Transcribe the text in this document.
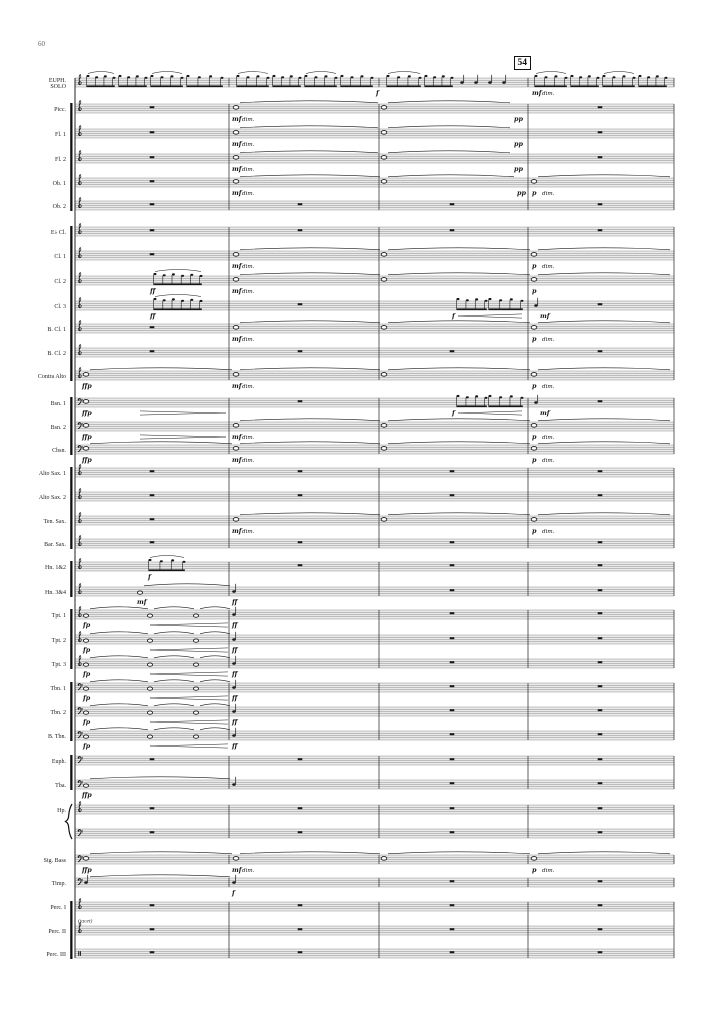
60
54
EUPH.
SOLO
f	mf dim.
Picc.
mf dim.	pp
Fl. 1
mf dim.	pp
Fl. 2
mf dim.	pp
Ob. 1
mf dim.	pp p dim.
Ob. 2
E♭ Cl.
Cl. 1
mf dim.	p dim.
Cl. 2
ff	mf dim.	p
Cl. 3
ff	f	mf
B. Cl. 1
mf dim.	p dim.
B. Cl. 2
Contra Alto
ffp	mf dim.	p dim.
Bsn. 1
ffp	f	mf
Bsn. 2
ffp	mf dim.	p dim.
Cbsn.
ffp	mf dim.	p dim.
Alto Sax. 1
Alto Sax. 2
Ten. Sax.
mf dim.	p dim.
Bar. Sax.
Hn. 1&2
f
Hn. 3&4
mf	ff
Tpt. 1
fp	ff
Tpt. 2
fp	ff
Tpt. 3
fp	ff
Tbn. 1
fp	ff
Tbn. 2
fp	ff
B. Tbn.
fp	ff
Euph.
Tba.
ffp
Hp.
Stg. Bass
ffp	mf dim.	p dim.
Timp.
f
Perc. I
Perc. II
(tacet)
Perc. III
